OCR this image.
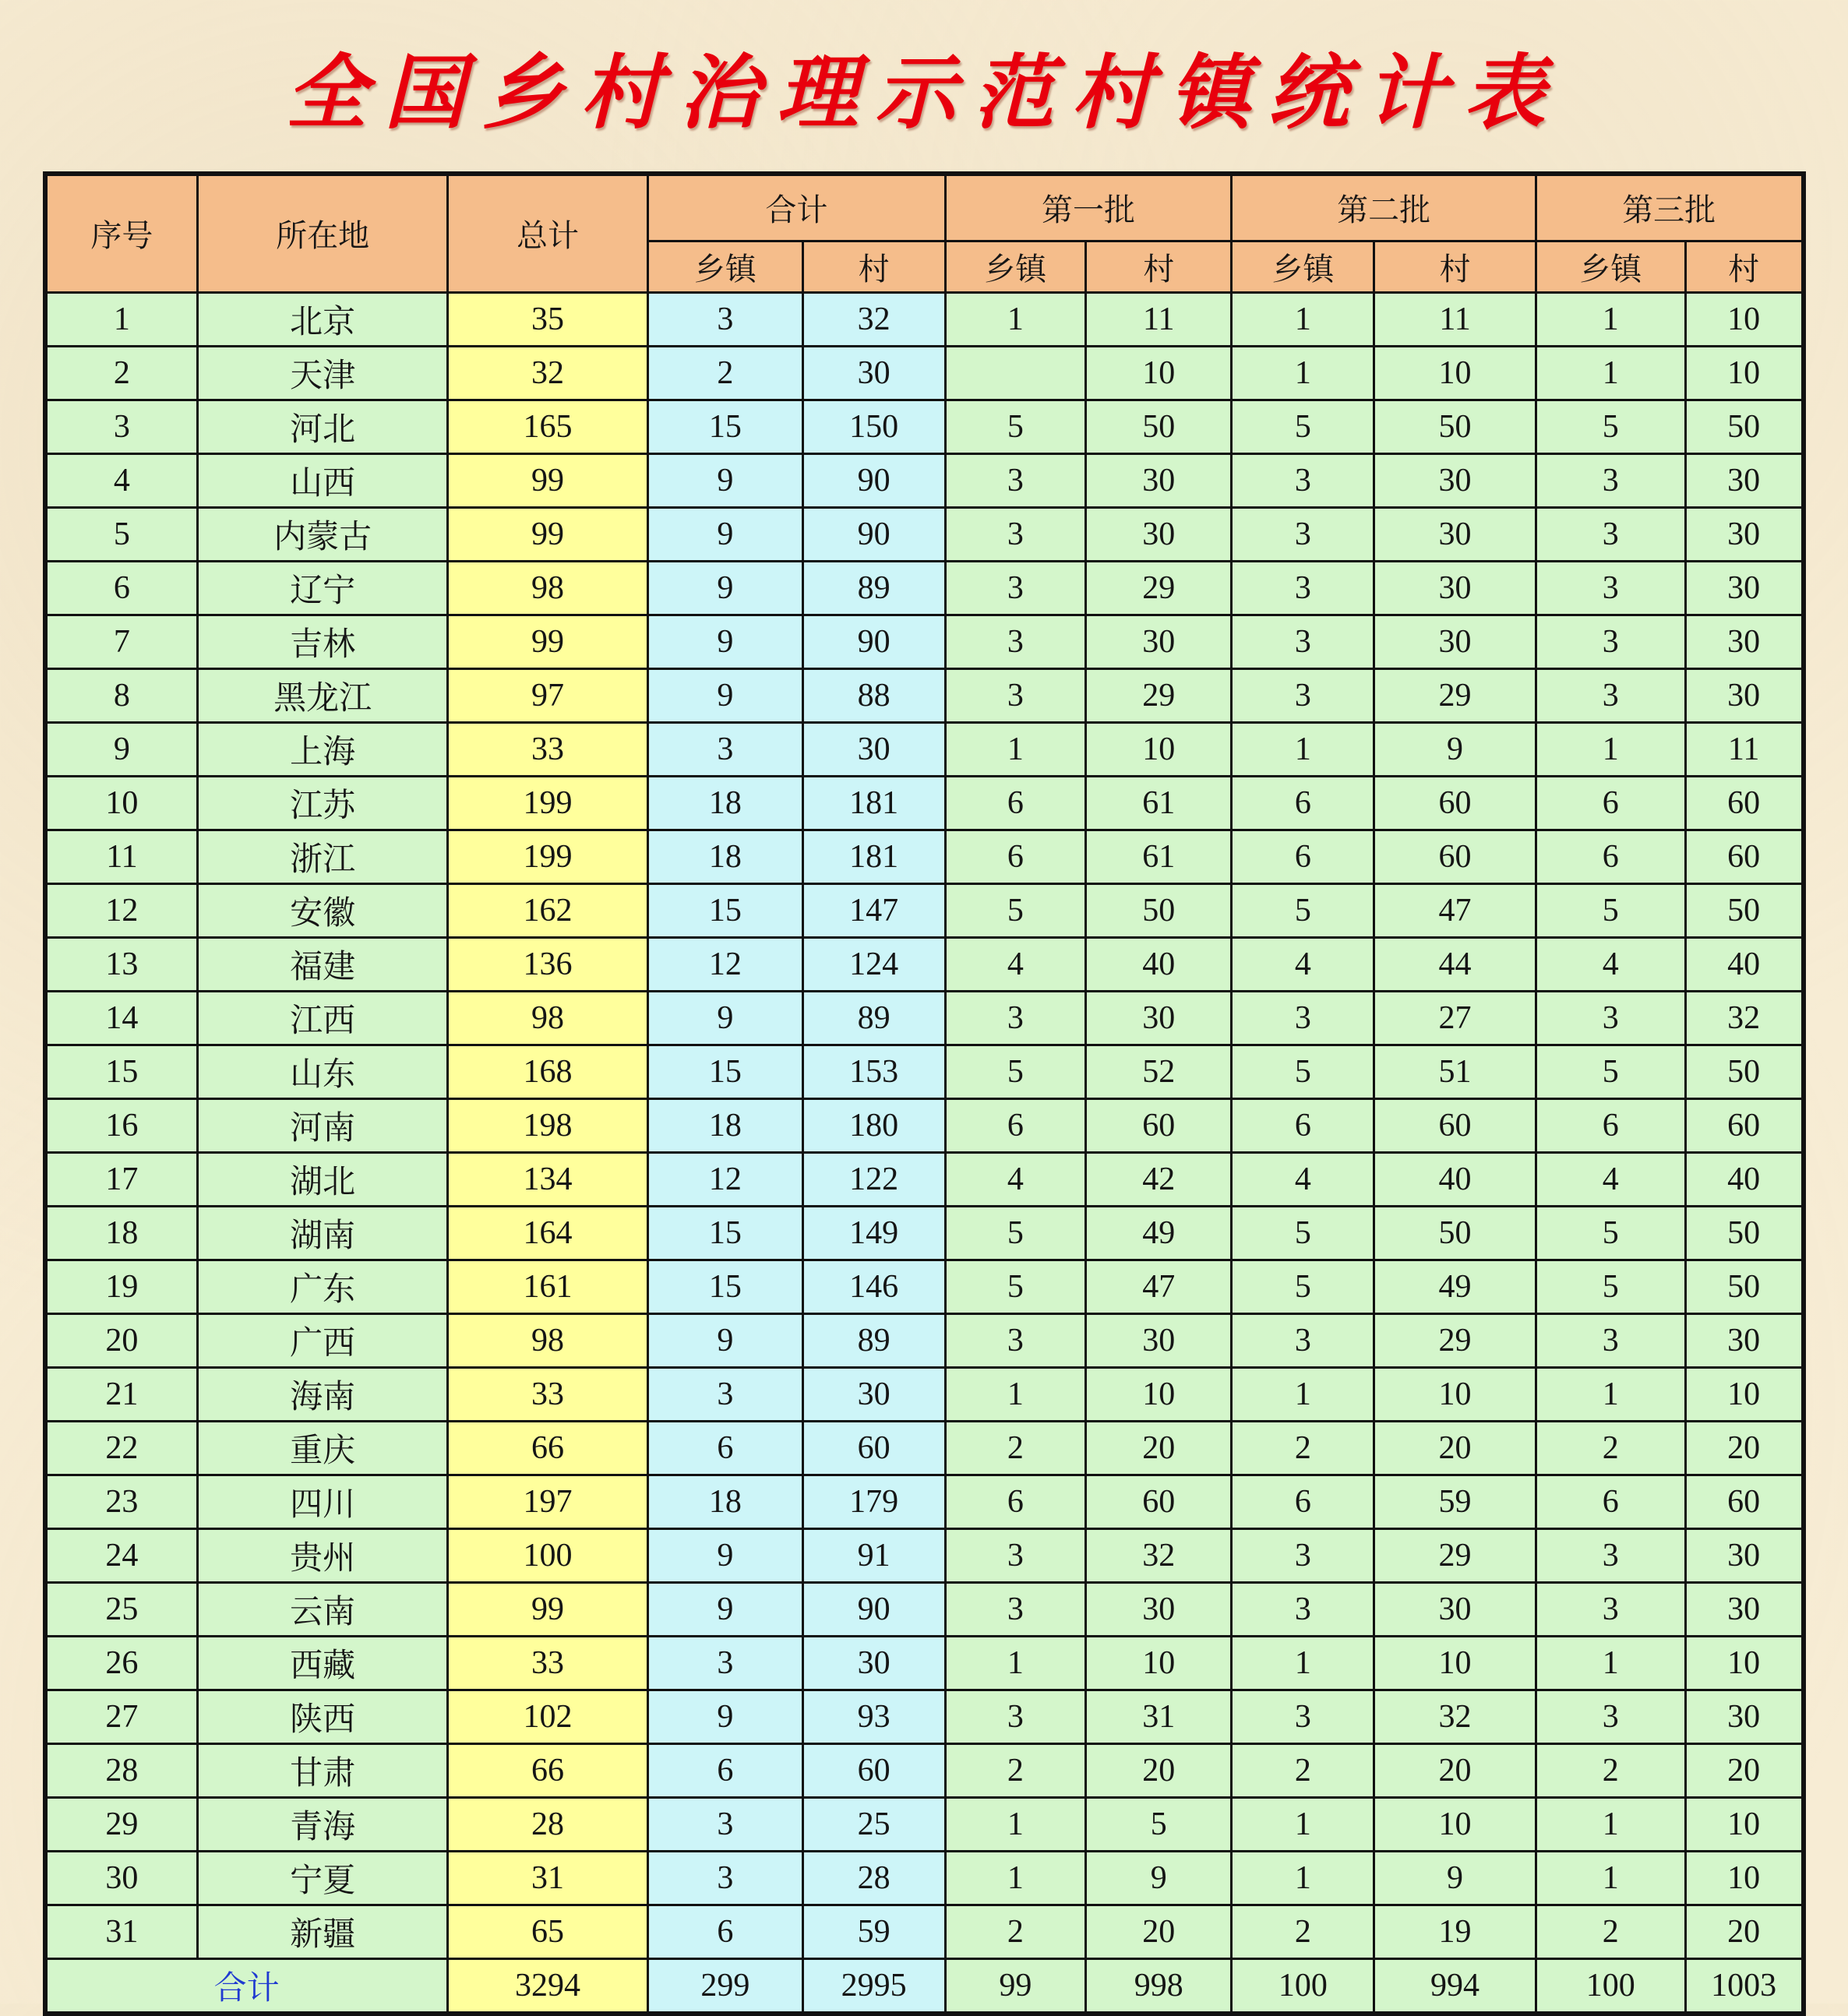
全国乡村治理示范村镇统计表
序号	所在地	总计	合计		第一批		第二批		第三批	
			乡镇	村	乡镇	村	乡镇	村	乡镇	村
1	北京	35	3	32	1	11	1	11	1	10
2	天津	32	2	30		10	1	10	1	10
3	河北	165	15	150	5	50	5	50	5	50
4	山西	99	9	90	3	30	3	30	3	30
5	内蒙古	99	9	90	3	30	3	30	3	30
6	辽宁	98	9	89	3	29	3	30	3	30
7	吉林	99	9	90	3	30	3	30	3	30
8	黑龙江	97	9	88	3	29	3	29	3	30
9	上海	33	3	30	1	10	1	9	1	11
10	江苏	199	18	181	6	61	6	60	6	60
11	浙江	199	18	181	6	61	6	60	6	60
12	安徽	162	15	147	5	50	5	47	5	50
13	福建	136	12	124	4	40	4	44	4	40
14	江西	98	9	89	3	30	3	27	3	32
15	山东	168	15	153	5	52	5	51	5	50
16	河南	198	18	180	6	60	6	60	6	60
17	湖北	134	12	122	4	42	4	40	4	40
18	湖南	164	15	149	5	49	5	50	5	50
19	广东	161	15	146	5	47	5	49	5	50
20	广西	98	9	89	3	30	3	29	3	30
21	海南	33	3	30	1	10	1	10	1	10
22	重庆	66	6	60	2	20	2	20	2	20
23	四川	197	18	179	6	60	6	59	6	60
24	贵州	100	9	91	3	32	3	29	3	30
25	云南	99	9	90	3	30	3	30	3	30
26	西藏	33	3	30	1	10	1	10	1	10
27	陕西	102	9	93	3	31	3	32	3	30
28	甘肃	66	6	60	2	20	2	20	2	20
29	青海	28	3	25	1	5	1	10	1	10
30	宁夏	31	3	28	1	9	1	9	1	10
31	新疆	65	6	59	2	20	2	19	2	20
合计		3294	299	2995	99	998	100	994	100	1003
